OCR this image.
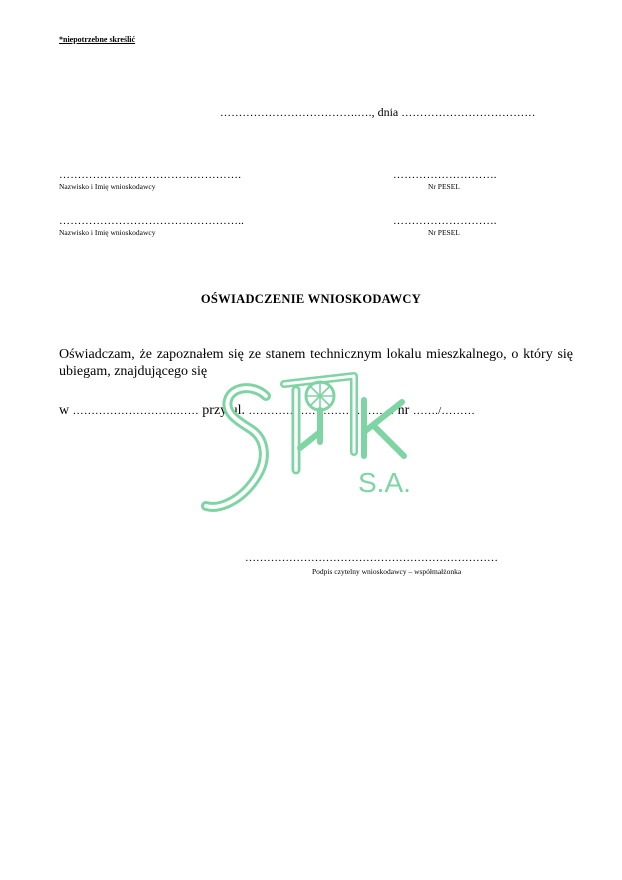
*niepotrzebne skreślić
……………………………….…., dnia ………………………………
………………………………………….
Nazwisko i Imię wnioskodawcy
……………………….
Nr PESEL
…………………………………………..
Nazwisko i Imię wnioskodawcy
……………………….
Nr PESEL
OŚWIADCZENIE WNIOSKODAWCY
Oświadczam, że zapoznałem się ze stanem technicznym lokalu mieszkalnego, o który się ubiegam, znajdującego się
w ……………………….…… przy ul. ………………………………… nr ……./………
……………………………………………………………
Podpis czytelny wnioskodawcy – współmałżonka
S.A.
